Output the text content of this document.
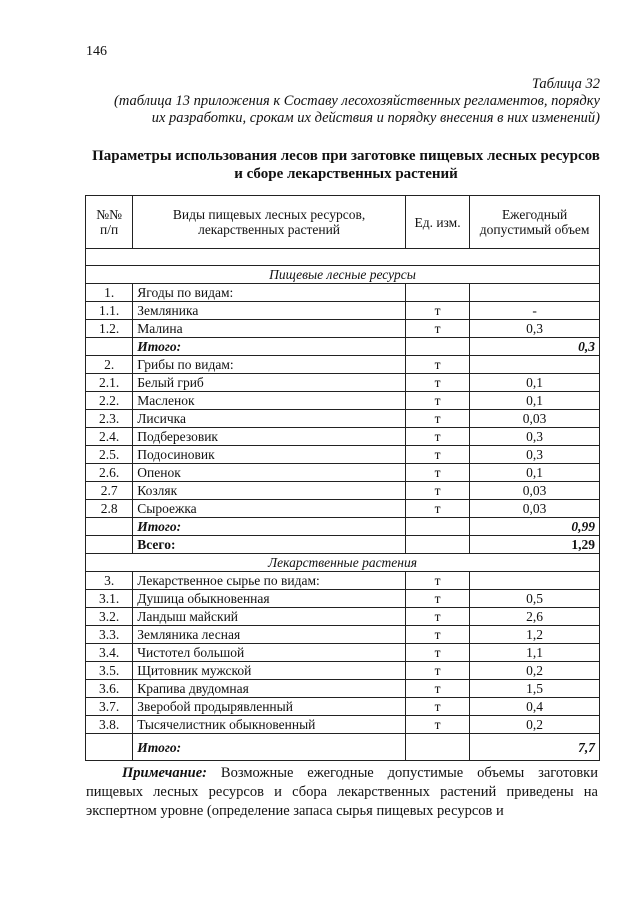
146
Таблица 32
(таблица 13 приложения к Составу лесохозяйственных регламентов, порядку их разработки, срокам их действия и порядку внесения в них изменений)
Параметры использования лесов при заготовке пищевых лесных ресурсов и сборе лекарственных растений
№№ п/п	Виды пищевых лесных ресурсов, лекарственных растений	Ед. изм.	Ежегодный допустимый объем

Пищевые лесные ресурсы			
1.	Ягоды по видам:		
1.1.	Земляника	т	-
1.2.	Малина	т	0,3
	Итого:		0,3
2.	Грибы по видам:	т	
2.1.	Белый гриб	т	0,1
2.2.	Масленок	т	0,1
2.3.	Лисичка	т	0,03
2.4.	Подберезовик	т	0,3
2.5.	Подосиновик	т	0,3
2.6.	Опенок	т	0,1
2.7	Козляк	т	0,03
2.8	Сыроежка	т	0,03
	Итого:		0,99
	Всего:		1,29
Лекарственные растения			
3.	Лекарственное сырье по видам:	т	
3.1.	Душица обыкновенная	т	0,5
3.2.	Ландыш майский	т	2,6
3.3.	Земляника лесная	т	1,2
3.4.	Чистотел большой	т	1,1
3.5.	Щитовник мужской	т	0,2
3.6.	Крапива двудомная	т	1,5
3.7.	Зверобой продырявленный	т	0,4
3.8.	Тысячелистник обыкновенный	т	0,2
	Итого:		7,7
Примечание: Возможные ежегодные допустимые объемы заготовки пищевых лесных ресурсов и сбора лекарственных растений приведены на экспертном уровне (определение запаса сырья пищевых ресурсов и
